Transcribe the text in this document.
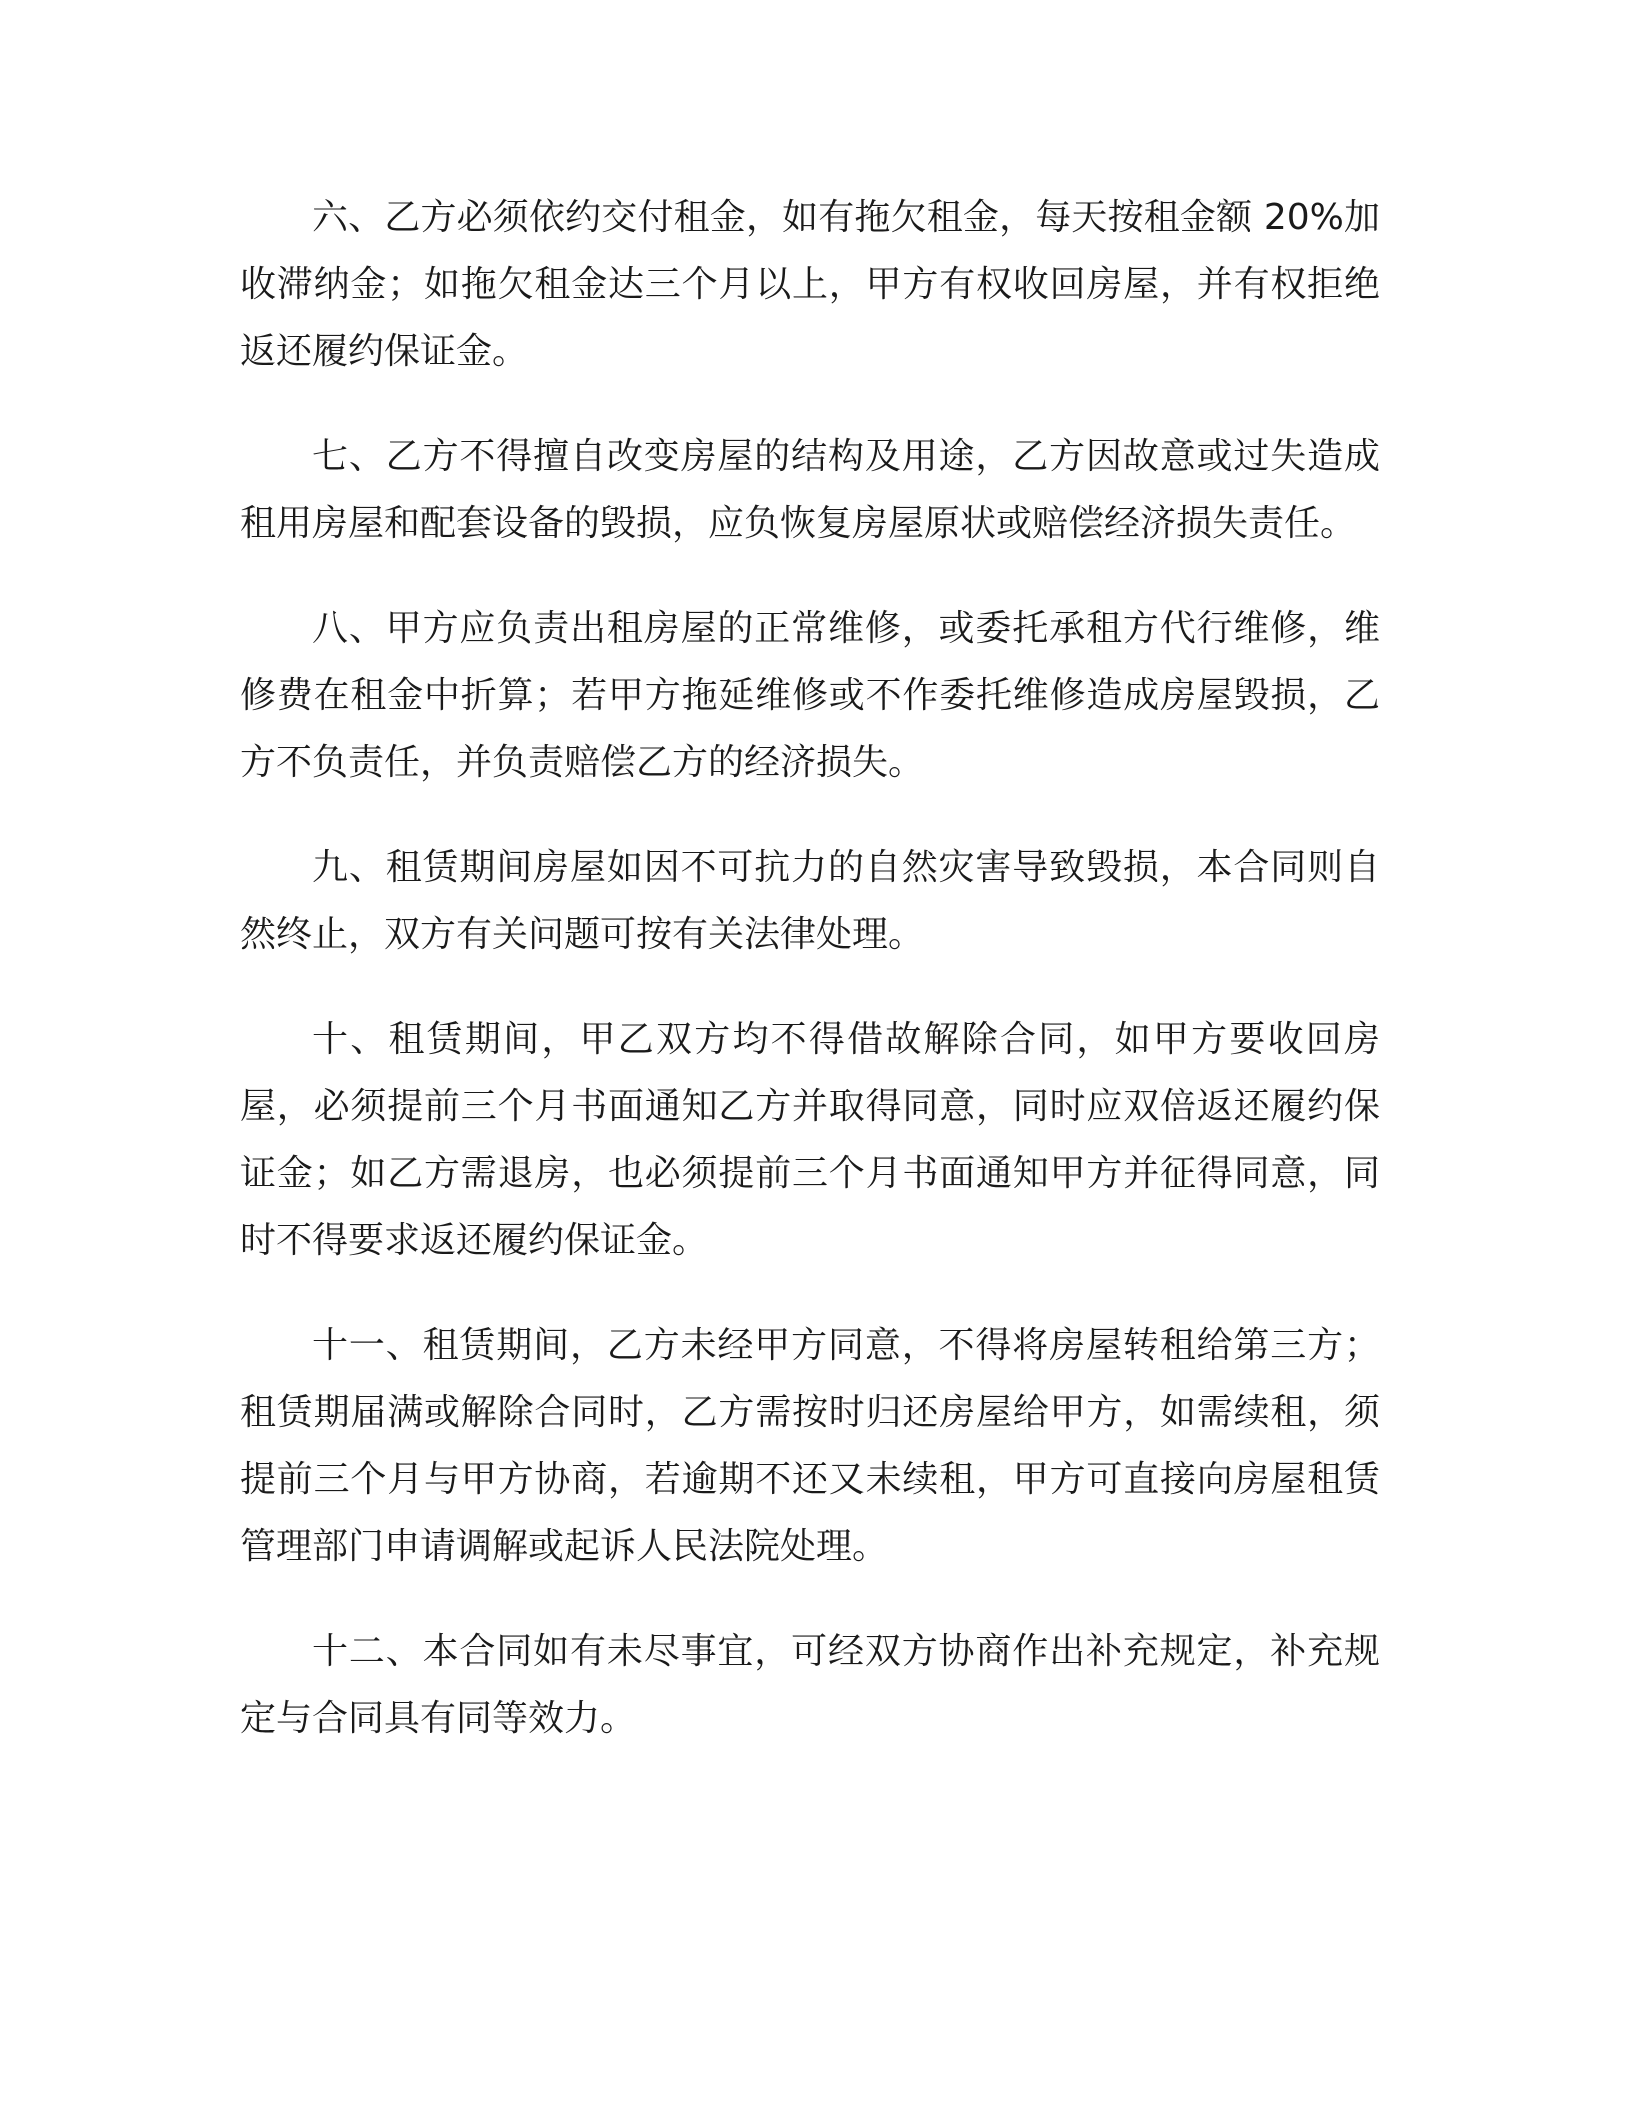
六、乙方必须依约交付租金，如有拖欠租金，每天按租金额 20%加收滞纳金；如拖欠租金达三个月以上，甲方有权收回房屋，并有权拒绝返还履约保证金。

七、乙方不得擅自改变房屋的结构及用途，乙方因故意或过失造成租用房屋和配套设备的毁损，应负恢复房屋原状或赔偿经济损失责任。

八、甲方应负责出租房屋的正常维修，或委托承租方代行维修，维修费在租金中折算；若甲方拖延维修或不作委托维修造成房屋毁损，乙方不负责任，并负责赔偿乙方的经济损失。

九、租赁期间房屋如因不可抗力的自然灾害导致毁损，本合同则自然终止，双方有关问题可按有关法律处理。

十、租赁期间，甲乙双方均不得借故解除合同，如甲方要收回房屋，必须提前三个月书面通知乙方并取得同意，同时应双倍返还履约保证金；如乙方需退房，也必须提前三个月书面通知甲方并征得同意，同时不得要求返还履约保证金。

十一、租赁期间，乙方未经甲方同意，不得将房屋转租给第三方；租赁期届满或解除合同时，乙方需按时归还房屋给甲方，如需续租，须提前三个月与甲方协商，若逾期不还又未续租，甲方可直接向房屋租赁管理部门申请调解或起诉人民法院处理。

十二、本合同如有未尽事宜，可经双方协商作出补充规定，补充规定与合同具有同等效力。
